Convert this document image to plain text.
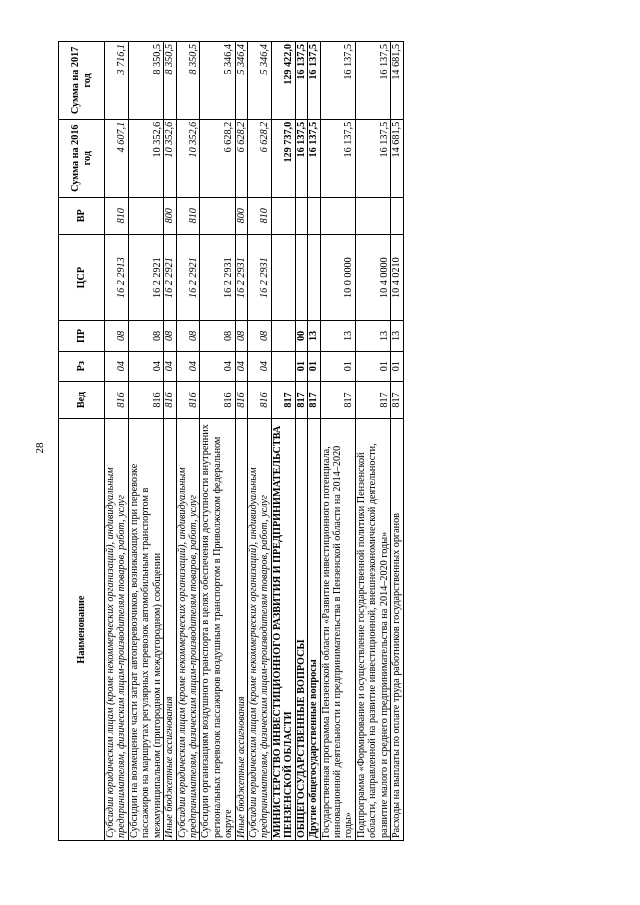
28
Наименование	Вед	Рз	ПР	ЦСР	ВР	Сумма на 2016 год	Сумма на 2017 год
Субсидии юридическим лицам (кроме некоммерческих организаций), индивидуальным предпринимателям, физическим лицам-производителям товаров, работ, услуг	816	04	08	16 2 2913	810	4 607,1	3 716,1
Субсидии на возмещение части затрат автоперевозчиков, возникающих при перевозке пассажиров на маршрутах регулярных перевозок автомобильным транспортом в межмуниципальном (пригородном и междугородном) сообщении	816	04	08	16 2 2921		10 352,6	8 350,5
Иные бюджетные ассигнования	816	04	08	16 2 2921	800	10 352,6	8 350,5
Субсидии юридическим лицам (кроме некоммерческих организаций), индивидуальным предпринимателям, физическим лицам-производителям товаров, работ, услуг	816	04	08	16 2 2921	810	10 352,6	8 350,5
Субсидии организациям воздушного транспорта в целях обеспечения доступности внутренних региональных перевозок пассажиров воздушным транспортом в Приволжском федеральном округе	816	04	08	16 2 2931		6 628,2	5 346,4
Иные бюджетные ассигнования	816	04	08	16 2 2931	800	6 628,2	5 346,4
Субсидии юридическим лицам (кроме некоммерческих организаций), индивидуальным предпринимателям, физическим лицам-производителям товаров, работ, услуг	816	04	08	16 2 2931	810	6 628,2	5 346,4
МИНИСТЕРСТВО ИНВЕСТИЦИОННОГО РАЗВИТИЯ И ПРЕДПРИНИМАТЕЛЬСТВА ПЕНЗЕНСКОЙ ОБЛАСТИ	817					129 737,0	129 422,0
ОБЩЕГОСУДАРСТВЕННЫЕ ВОПРОСЫ	817	01	00			16 137,5	16 137,5
Другие общегосударственные вопросы	817	01	13			16 137,5	16 137,5
Государственная программа Пензенской области «Развитие инвестиционного потенциала, инновационной деятельности и предпринимательства в Пензенской области на 2014–2020 годы»	817	01	13	10 0 0000		16 137,5	16 137,5
Подпрограмма «Формирование и осуществление государственной политики Пензенской области, направленной на развитие инвестиционной, внешнеэкономической деятельности, развитие малого и среднего предпринимательства на 2014–2020 годы»	817	01	13	10 4 0000		16 137,5	16 137,5
Расходы на выплаты по оплате труда работников государственных органов	817	01	13	10 4 0210		14 681,5	14 681,5
